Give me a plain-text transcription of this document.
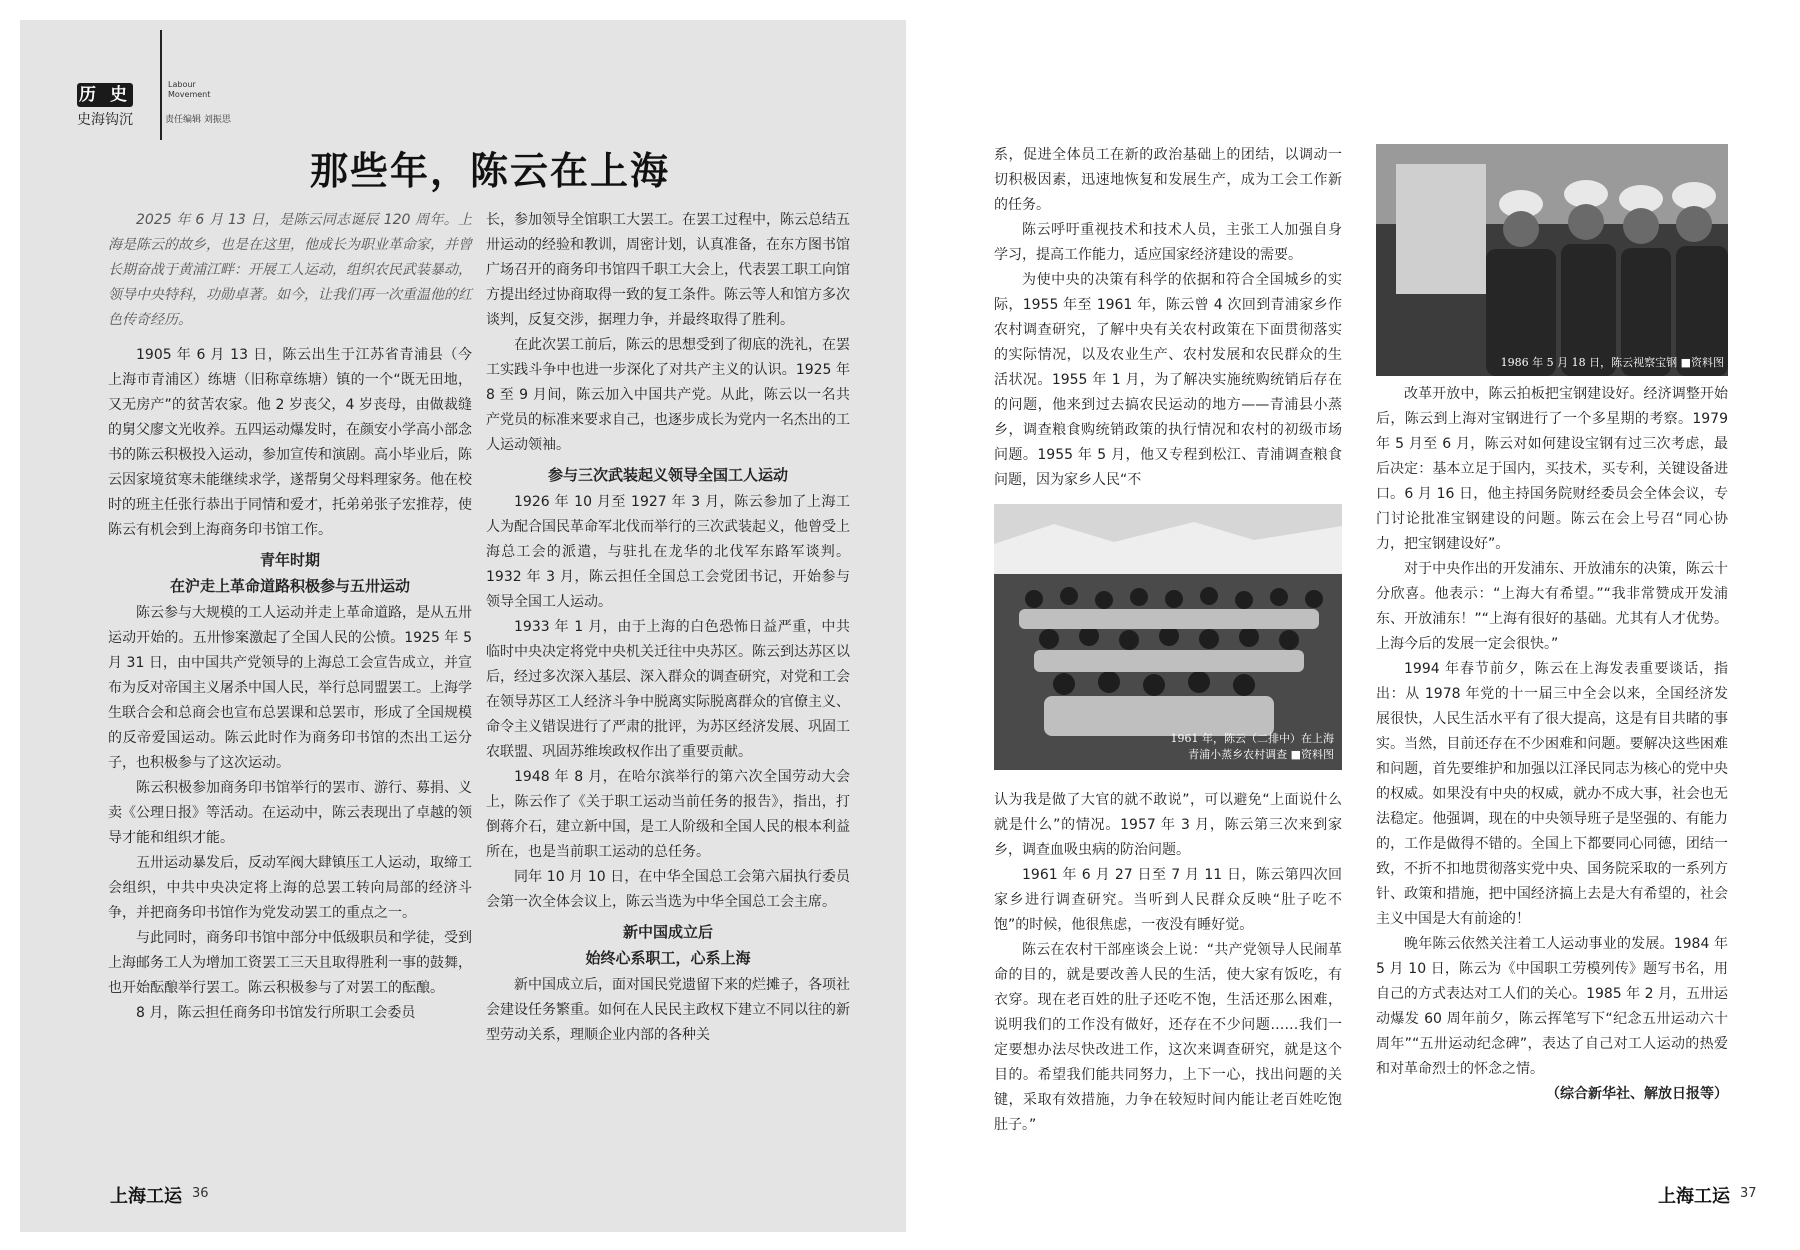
历 史
史海钩沉
Labour Movement
责任编辑 刘振思
那些年，陈云在上海

2025 年 6 月 13 日，是陈云同志诞辰 120 周年。上海是陈云的故乡，也是在这里，他成长为职业革命家，并曾长期奋战于黄浦江畔：开展工人运动，组织农民武装暴动，领导中央特科，功勋卓著。如今，让我们再一次重温他的红色传奇经历。

1905 年 6 月 13 日，陈云出生于江苏省青浦县（今上海市青浦区）练塘（旧称章练塘）镇的一个“既无田地，又无房产”的贫苦农家。他 2 岁丧父，4 岁丧母，由做裁缝的舅父廖文光收养。五四运动爆发时，在颜安小学高小部念书的陈云积极投入运动，参加宣传和演剧。高小毕业后，陈云因家境贫寒未能继续求学，遂帮舅父母料理家务。他在校时的班主任张行恭出于同情和爱才，托弟弟张子宏推荐，使陈云有机会到上海商务印书馆工作。

青年时期
在沪走上革命道路积极参与五卅运动

陈云参与大规模的工人运动并走上革命道路，是从五卅运动开始的。五卅惨案激起了全国人民的公愤。1925 年 5 月 31 日，由中国共产党领导的上海总工会宣告成立，并宣布为反对帝国主义屠杀中国人民，举行总同盟罢工。上海学生联合会和总商会也宣布总罢课和总罢市，形成了全国规模的反帝爱国运动。陈云此时作为商务印书馆的杰出工运分子，也积极参与了这次运动。

陈云积极参加商务印书馆举行的罢市、游行、募捐、义卖《公理日报》等活动。在运动中，陈云表现出了卓越的领导才能和组织才能。

五卅运动暴发后，反动军阀大肆镇压工人运动，取缔工会组织，中共中央决定将上海的总罢工转向局部的经济斗争，并把商务印书馆作为党发动罢工的重点之一。

与此同时，商务印书馆中部分中低级职员和学徒，受到上海邮务工人为增加工资罢工三天且取得胜利一事的鼓舞，也开始酝酿举行罢工。陈云积极参与了对罢工的酝酿。

8 月，陈云担任商务印书馆发行所职工会委员

长，参加领导全馆职工大罢工。在罢工过程中，陈云总结五卅运动的经验和教训，周密计划，认真准备，在东方图书馆广场召开的商务印书馆四千职工大会上，代表罢工职工向馆方提出经过协商取得一致的复工条件。陈云等人和馆方多次谈判，反复交涉，据理力争，并最终取得了胜利。

在此次罢工前后，陈云的思想受到了彻底的洗礼，在罢工实践斗争中也进一步深化了对共产主义的认识。1925 年 8 至 9 月间，陈云加入中国共产党。从此，陈云以一名共产党员的标准来要求自己，也逐步成长为党内一名杰出的工人运动领袖。

参与三次武装起义领导全国工人运动

1926 年 10 月至 1927 年 3 月，陈云参加了上海工人为配合国民革命军北伐而举行的三次武装起义，他曾受上海总工会的派遣，与驻扎在龙华的北伐军东路军谈判。1932 年 3 月，陈云担任全国总工会党团书记，开始参与领导全国工人运动。

1933 年 1 月，由于上海的白色恐怖日益严重，中共临时中央决定将党中央机关迁往中央苏区。陈云到达苏区以后，经过多次深入基层、深入群众的调查研究，对党和工会在领导苏区工人经济斗争中脱离实际脱离群众的官僚主义、命令主义错误进行了严肃的批评，为苏区经济发展、巩固工农联盟、巩固苏维埃政权作出了重要贡献。

1948 年 8 月，在哈尔滨举行的第六次全国劳动大会上，陈云作了《关于职工运动当前任务的报告》，指出，打倒蒋介石，建立新中国，是工人阶级和全国人民的根本利益所在，也是当前职工运动的总任务。

同年 10 月 10 日，在中华全国总工会第六届执行委员会第一次全体会议上，陈云当选为中华全国总工会主席。

新中国成立后
始终心系职工，心系上海

新中国成立后，面对国民党遗留下来的烂摊子，各项社会建设任务繁重。如何在人民民主政权下建立不同以往的新型劳动关系，理顺企业内部的各种关

上海工运 36

系，促进全体员工在新的政治基础上的团结，以调动一切积极因素，迅速地恢复和发展生产，成为工会工作新的任务。

陈云呼吁重视技术和技术人员，主张工人加强自身学习，提高工作能力，适应国家经济建设的需要。

为使中央的决策有科学的依据和符合全国城乡的实际，1955 年至 1961 年，陈云曾 4 次回到青浦家乡作农村调查研究，了解中央有关农村政策在下面贯彻落实的实际情况，以及农业生产、农村发展和农民群众的生活状况。1955 年 1 月，为了解决实施统购统销后存在的问题，他来到过去搞农民运动的地方——青浦县小蒸乡，调查粮食购统销政策的执行情况和农村的初级市场问题。1955 年 5 月，他又专程到松江、青浦调查粮食问题，因为家乡人民“不

1961 年，陈云（二排中）在上海
青浦小蒸乡农村调查 ■资料图

认为我是做了大官的就不敢说”，可以避免“上面说什么就是什么”的情况。1957 年 3 月，陈云第三次来到家乡，调查血吸虫病的防治问题。

1961 年 6 月 27 日至 7 月 11 日，陈云第四次回家乡进行调查研究。当听到人民群众反映“肚子吃不饱”的时候，他很焦虑，一夜没有睡好觉。

陈云在农村干部座谈会上说：“共产党领导人民闹革命的目的，就是要改善人民的生活，使大家有饭吃，有衣穿。现在老百姓的肚子还吃不饱，生活还那么困难，说明我们的工作没有做好，还存在不少问题……我们一定要想办法尽快改进工作，这次来调查研究，就是这个目的。希望我们能共同努力，上下一心，找出问题的关键，采取有效措施，力争在较短时间内能让老百姓吃饱肚子。”

1986 年 5 月 18 日，陈云视察宝钢 ■资料图

改革开放中，陈云拍板把宝钢建设好。经济调整开始后，陈云到上海对宝钢进行了一个多星期的考察。1979 年 5 月至 6 月，陈云对如何建设宝钢有过三次考虑，最后决定：基本立足于国内，买技术，买专利，关键设备进口。6 月 16 日，他主持国务院财经委员会全体会议，专门讨论批准宝钢建设的问题。陈云在会上号召“同心协力，把宝钢建设好”。

对于中央作出的开发浦东、开放浦东的决策，陈云十分欣喜。他表示：“上海大有希望。”“我非常赞成开发浦东、开放浦东！”“上海有很好的基础。尤其有人才优势。上海今后的发展一定会很快。”

1994 年春节前夕，陈云在上海发表重要谈话，指出：从 1978 年党的十一届三中全会以来，全国经济发展很快，人民生活水平有了很大提高，这是有目共睹的事实。当然，目前还存在不少困难和问题。要解决这些困难和问题，首先要维护和加强以江泽民同志为核心的党中央的权威。如果没有中央的权威，就办不成大事，社会也无法稳定。他强调，现在的中央领导班子是坚强的、有能力的，工作是做得不错的。全国上下都要同心同德，团结一致，不折不扣地贯彻落实党中央、国务院采取的一系列方针、政策和措施，把中国经济搞上去是大有希望的，社会主义中国是大有前途的！

晚年陈云依然关注着工人运动事业的发展。1984 年 5 月 10 日，陈云为《中国职工劳模列传》题写书名，用自己的方式表达对工人们的关心。1985 年 2 月，五卅运动爆发 60 周年前夕，陈云挥笔写下“纪念五卅运动六十周年”“五卅运动纪念碑”，表达了自己对工人运动的热爱和对革命烈士的怀念之情。

（综合新华社、解放日报等）
上海工运 37
